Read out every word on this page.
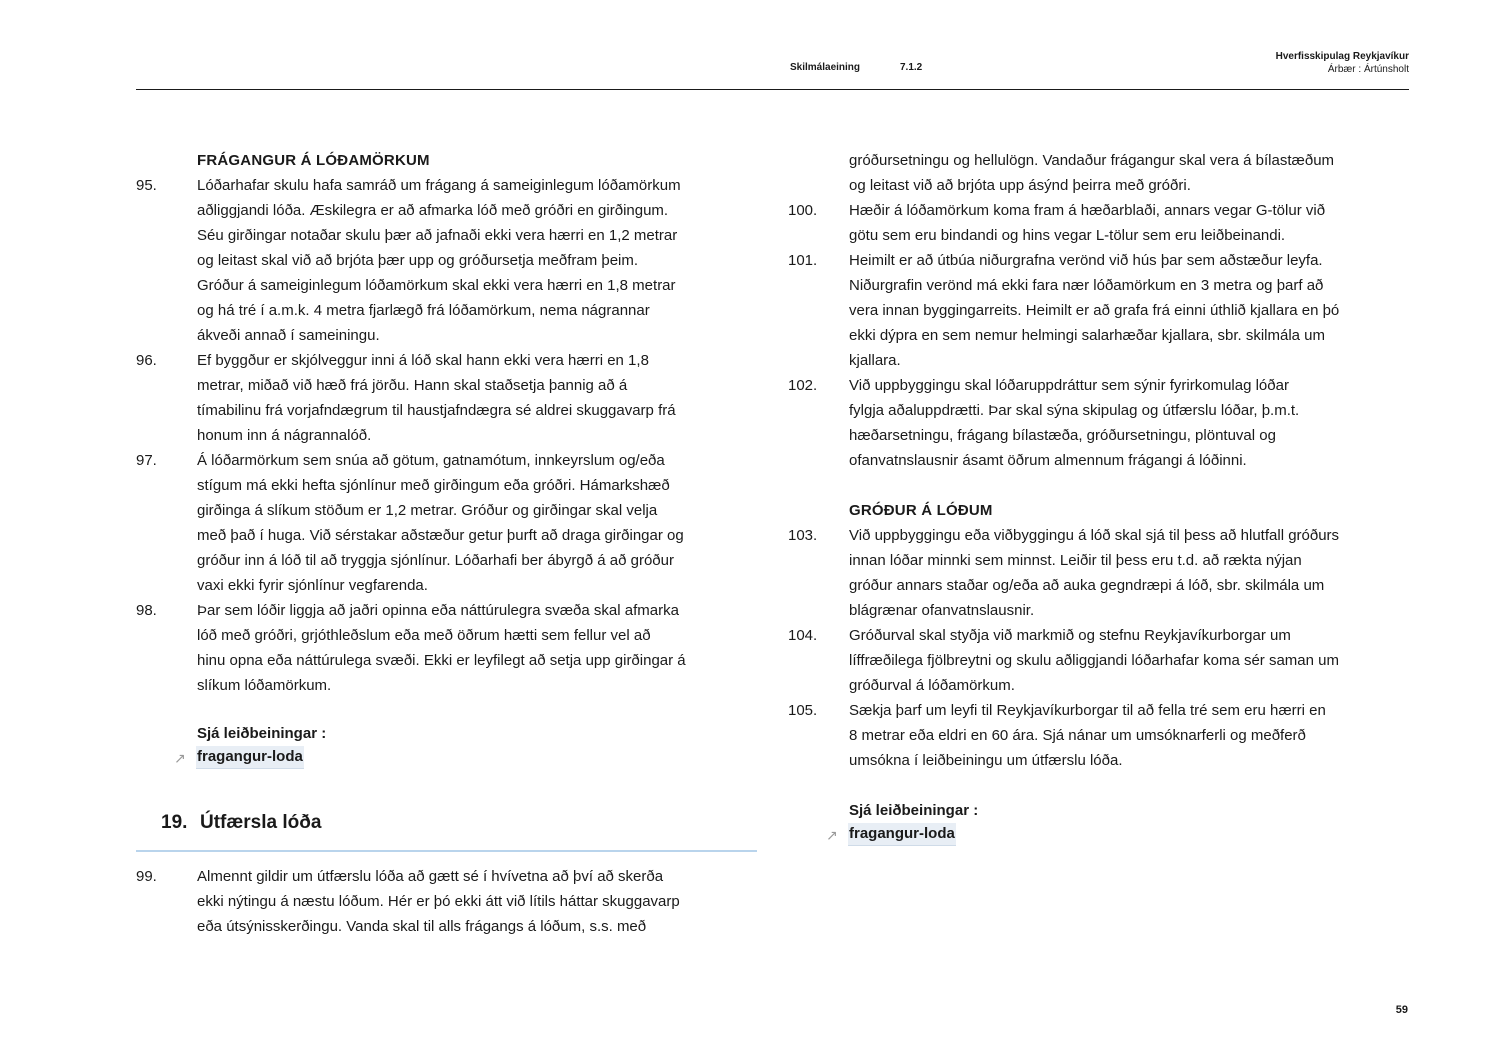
Skilmálaeining	7.1.2
Hverfisskipulag Reykjavíkur
Árbær : Ártúnsholt
FRÁGANGUR Á LÓÐAMÖRKUM
95.	Lóðarhafar skulu hafa samráð um frágang á sameiginlegum lóðamörkum
aðliggjandi lóða. Æskilegra er að afmarka lóð með gróðri en girðingum.
Séu girðingar notaðar skulu þær að jafnaði ekki vera hærri en 1,2 metrar
og leitast skal við að brjóta þær upp og gróðursetja meðfram þeim.
Gróður á sameiginlegum lóðamörkum skal ekki vera hærri en 1,8 metrar
og há tré í a.m.k. 4 metra fjarlægð frá lóðamörkum, nema nágrannar
ákveði annað í sameiningu.
96.	Ef byggður er skjólveggur inni á lóð skal hann ekki vera hærri en 1,8
metrar, miðað við hæð frá jörðu. Hann skal staðsetja þannig að á
tímabilinu frá vorjafndægrum til haustjafndægra sé aldrei skuggavarp frá
honum inn á nágrannalóð.
97.	Á lóðarmörkum sem snúa að götum, gatnamótum, innkeyrslum og/eða
stígum má ekki hefta sjónlínur með girðingum eða gróðri. Hámarkshæð
girðinga á slíkum stöðum er 1,2 metrar. Gróður og girðingar skal velja
með það í huga. Við sérstakar aðstæður getur þurft að draga girðingar og
gróður inn á lóð til að tryggja sjónlínur. Lóðarhafi ber ábyrgð á að gróður
vaxi ekki fyrir sjónlínur vegfarenda.
98.	Þar sem lóðir liggja að jaðri opinna eða náttúrulegra svæða skal afmarka
lóð með gróðri, grjóthleðslum eða með öðrum hætti sem fellur vel að
hinu opna eða náttúrulega svæði. Ekki er leyfilegt að setja upp girðingar á
slíkum lóðamörkum.
Sjá leiðbeiningar :
↗ fragangur-loda
19. Útfærsla lóða
99.	Almennt gildir um útfærslu lóða að gætt sé í hvívetna að því að skerða
ekki nýtingu á næstu lóðum. Hér er þó ekki átt við lítils háttar skuggavarp
eða útsýnisskerðingu. Vanda skal til alls frágangs á lóðum, s.s. með
gróðursetningu og hellulögn. Vandaður frágangur skal vera á bílastæðum
og leitast við að brjóta upp ásýnd þeirra með gróðri.
100. Hæðir á lóðamörkum koma fram á hæðarblaði, annars vegar G-tölur við
götu sem eru bindandi og hins vegar L-tölur sem eru leiðbeinandi.
101. Heimilt er að útbúa niðurgrafna verönd við hús þar sem aðstæður leyfa.
Niðurgrafin verönd má ekki fara nær lóðamörkum en 3 metra og þarf að
vera innan byggingarreits. Heimilt er að grafa frá einni úthlið kjallara en þó
ekki dýpra en sem nemur helmingi salarhæðar kjallara, sbr. skilmála um
kjallara.
102. Við uppbyggingu skal lóðaruppdráttur sem sýnir fyrirkomulag lóðar
fylgja aðaluppdrætti. Þar skal sýna skipulag og útfærslu lóðar, þ.m.t.
hæðarsetningu, frágang bílastæða, gróðursetningu, plöntuval og
ofanvatnslausnir ásamt öðrum almennum frágangi á lóðinni.
GRÓÐUR Á LÓÐUM
103. Við uppbyggingu eða viðbyggingu á lóð skal sjá til þess að hlutfall gróðurs
innan lóðar minnki sem minnst. Leiðir til þess eru t.d. að rækta nýjan
gróður annars staðar og/eða að auka gegndræpi á lóð, sbr. skilmála um
blágrænar ofanvatnslausnir.
104. Gróðurval skal styðja við markmið og stefnu Reykjavíkurborgar um
líffræðilega fjölbreytni og skulu aðliggjandi lóðarhafar koma sér saman um
gróðurval á lóðamörkum.
105. Sækja þarf um leyfi til Reykjavíkurborgar til að fella tré sem eru hærri en
8 metrar eða eldri en 60 ára. Sjá nánar um umsóknarferli og meðferð
umsókna í leiðbeiningu um útfærslu lóða.
Sjá leiðbeiningar :
↗ fragangur-loda
59
